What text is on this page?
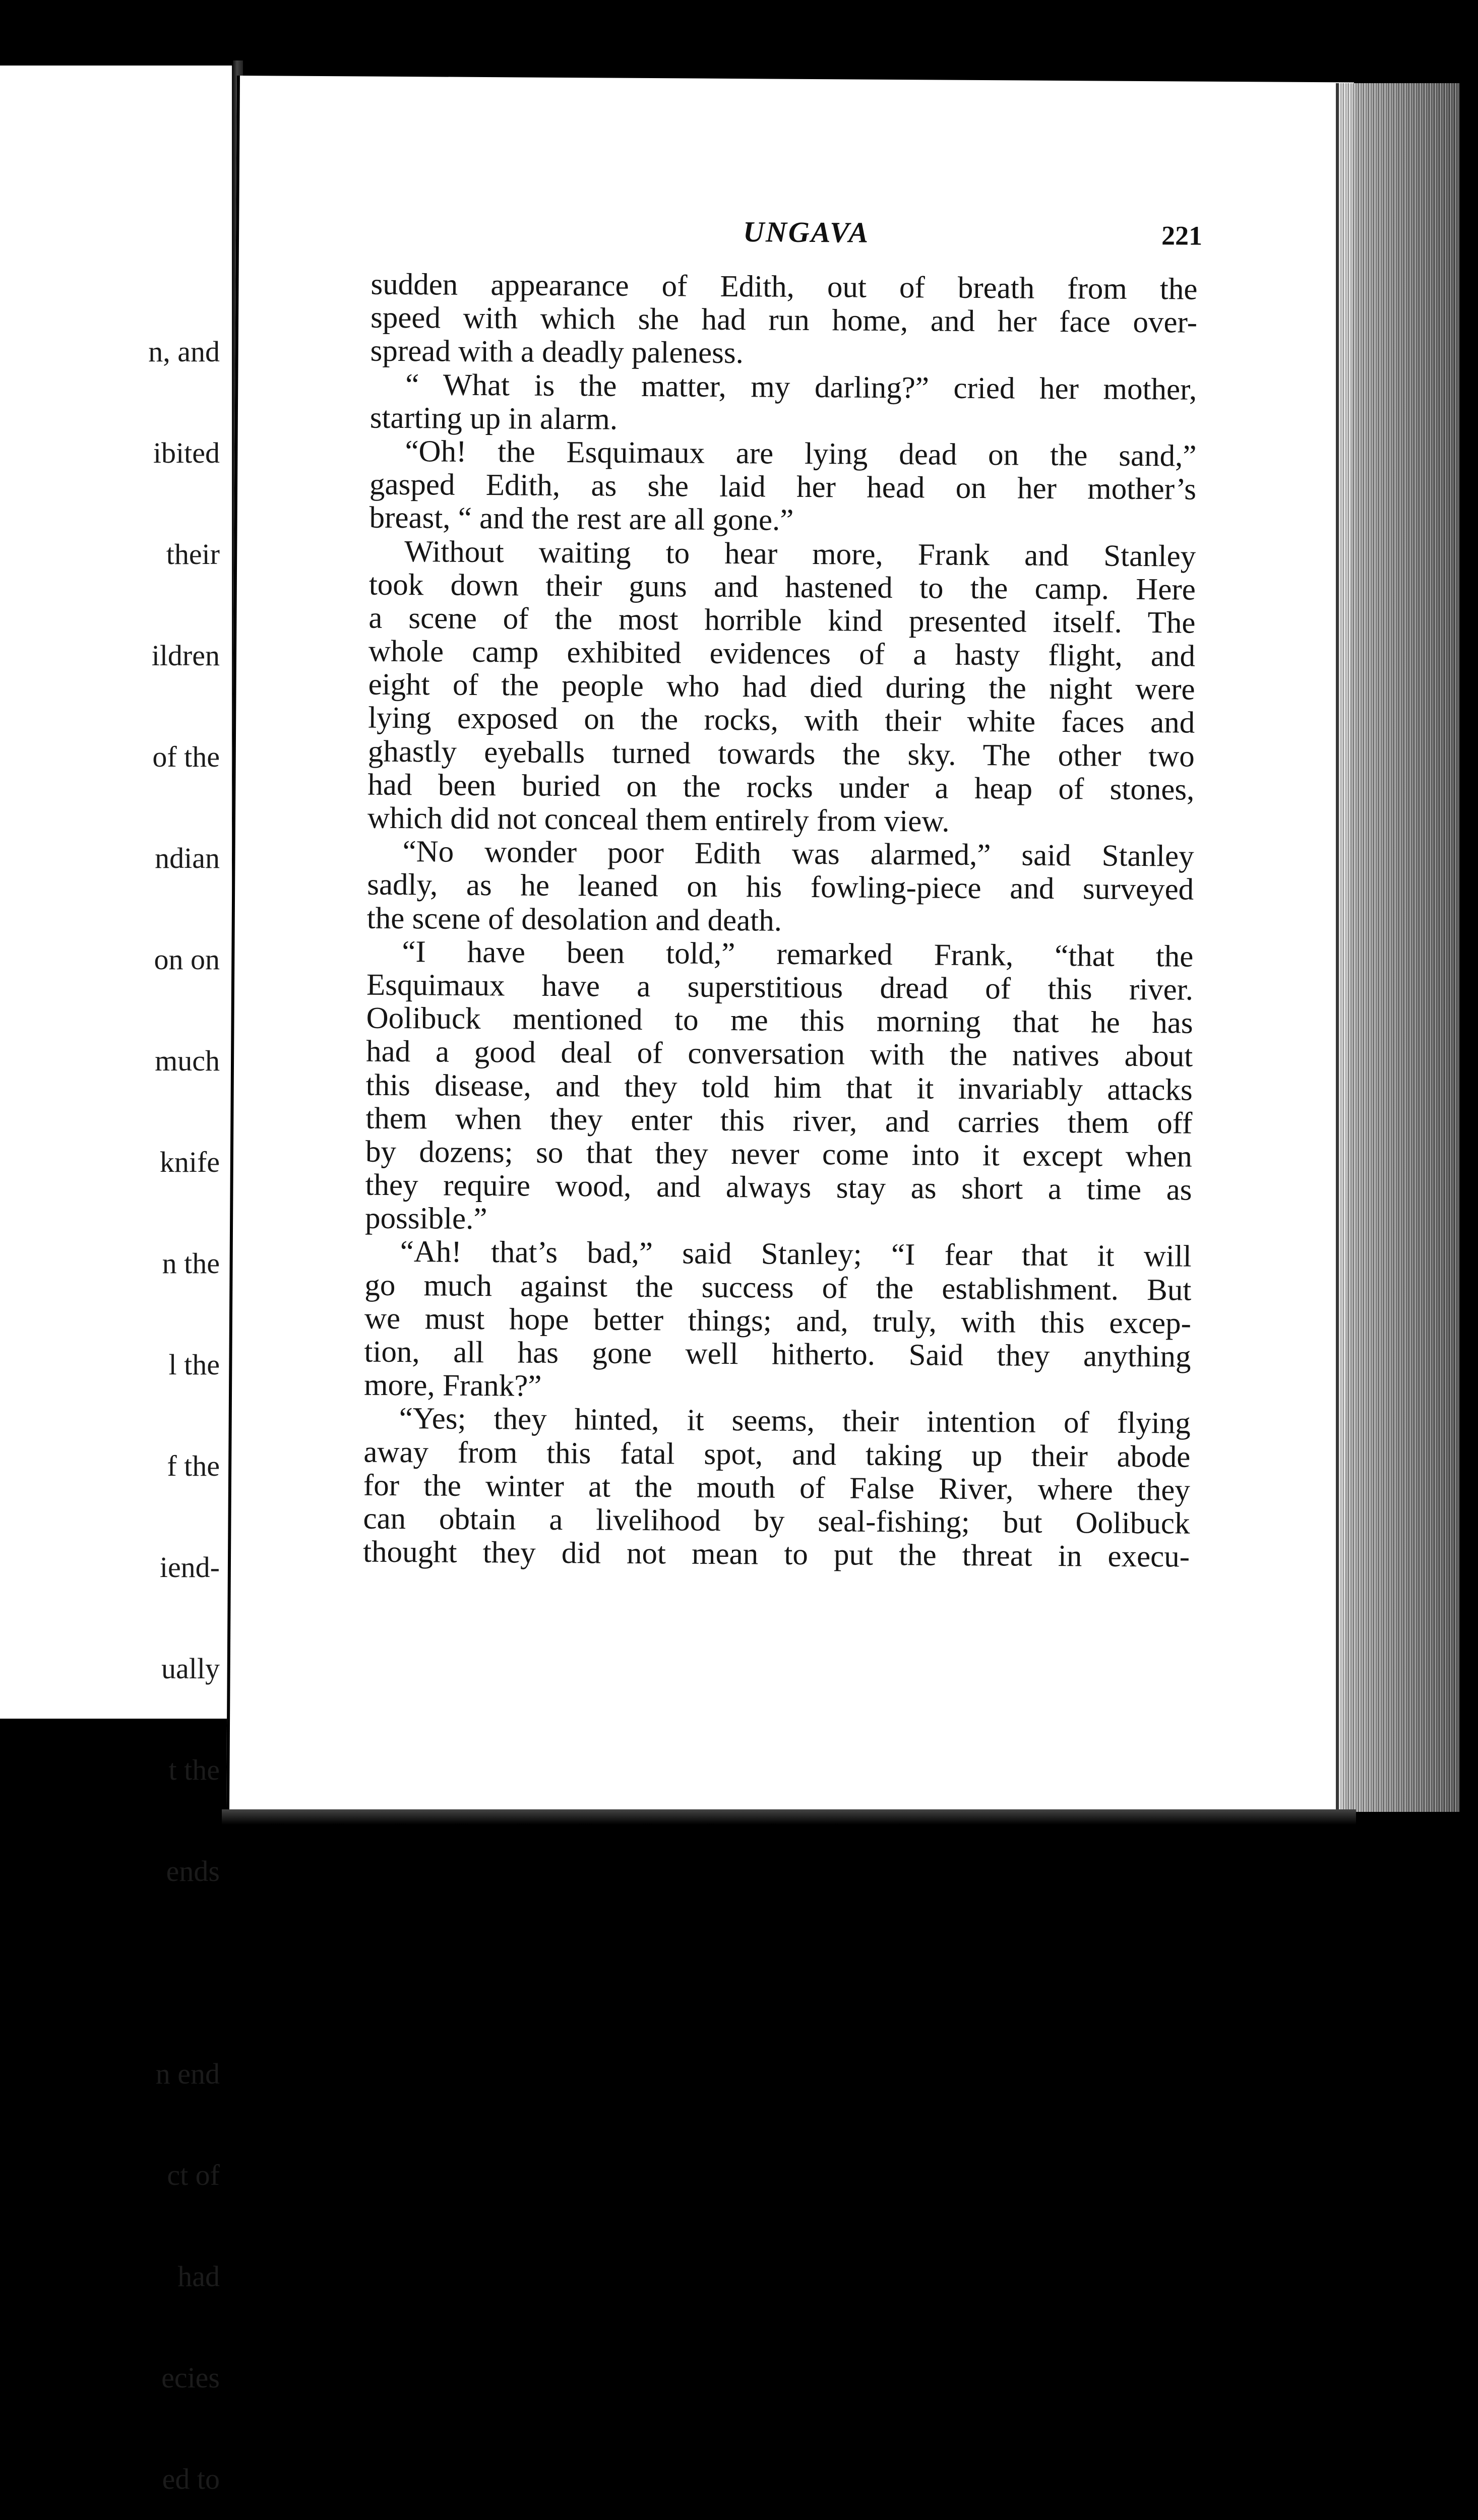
n, and

ibited

their

ildren

of the

ndian

on on

much

knife

n the

l the

f the

iend-

ually

t the

ends

n end

ct of

had

ecies

ed to

UNGAVA	221
sudden appearance of Edith, out of breath from the
speed with which she had run home, and her face over-
spread with a deadly paleness.
“ What is the matter, my darling?” cried her mother,
starting up in alarm.
“Oh! the Esquimaux are lying dead on the sand,”
gasped Edith, as she laid her head on her mother’s
breast, “ and the rest are all gone.”
Without waiting to hear more, Frank and Stanley
took down their guns and hastened to the camp. Here
a scene of the most horrible kind presented itself. The
whole camp exhibited evidences of a hasty flight, and
eight of the people who had died during the night were
lying exposed on the rocks, with their white faces and
ghastly eyeballs turned towards the sky. The other two
had been buried on the rocks under a heap of stones,
which did not conceal them entirely from view.
“No wonder poor Edith was alarmed,” said Stanley
sadly, as he leaned on his fowling-piece and surveyed
the scene of desolation and death.
“I have been told,” remarked Frank, “that the
Esquimaux have a superstitious dread of this river.
Oolibuck mentioned to me this morning that he has
had a good deal of conversation with the natives about
this disease, and they told him that it invariably attacks
them when they enter this river, and carries them off
by dozens; so that they never come into it except when
they require wood, and always stay as short a time as
possible.”
“Ah! that’s bad,” said Stanley; “I fear that it will
go much against the success of the establishment. But
we must hope better things; and, truly, with this excep-
tion, all has gone well hitherto. Said they anything
more, Frank?”
“Yes; they hinted, it seems, their intention of flying
away from this fatal spot, and taking up their abode
for the winter at the mouth of False River, where they
can obtain a livelihood by seal-fishing; but Oolibuck
thought they did not mean to put the threat in execu-
